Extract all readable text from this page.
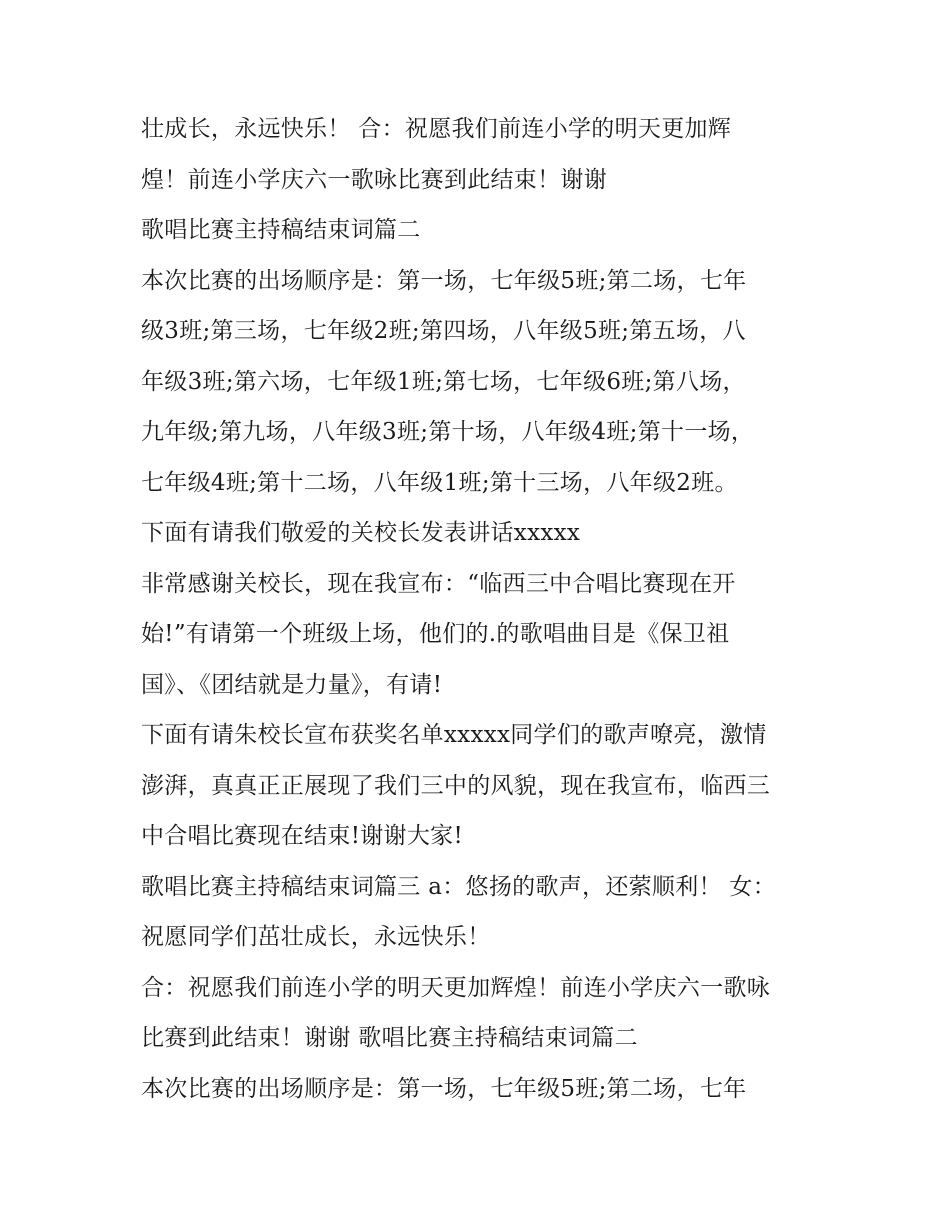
壮成长，永远快乐！ 合：祝愿我们前连小学的明天更加辉
煌！前连小学庆六一歌咏比赛到此结束！谢谢
歌唱比赛主持稿结束词篇二
本次比赛的出场顺序是：第一场，七年级5班;第二场，七年
级3班;第三场，七年级2班;第四场，八年级5班;第五场，八
年级3班;第六场，七年级1班;第七场，七年级6班;第八场，
九年级;第九场，八年级3班;第十场，八年级4班;第十一场，
七年级4班;第十二场，八年级1班;第十三场，八年级2班。
下面有请我们敬爱的关校长发表讲话xxxxx
非常感谢关校长，现在我宣布：“临西三中合唱比赛现在开
始!”有请第一个班级上场，他们的.的歌唱曲目是《保卫祖
国》、《团结就是力量》，有请!
下面有请朱校长宣布获奖名单xxxxx同学们的歌声嘹亮，激情
澎湃，真真正正展现了我们三中的风貌，现在我宣布，临西三
中合唱比赛现在结束!谢谢大家!
歌唱比赛主持稿结束词篇三 a：悠扬的歌声，还萦顺利！ 女：
祝愿同学们茁壮成长，永远快乐！
合：祝愿我们前连小学的明天更加辉煌！前连小学庆六一歌咏
比赛到此结束！谢谢 歌唱比赛主持稿结束词篇二
本次比赛的出场顺序是：第一场，七年级5班;第二场，七年
